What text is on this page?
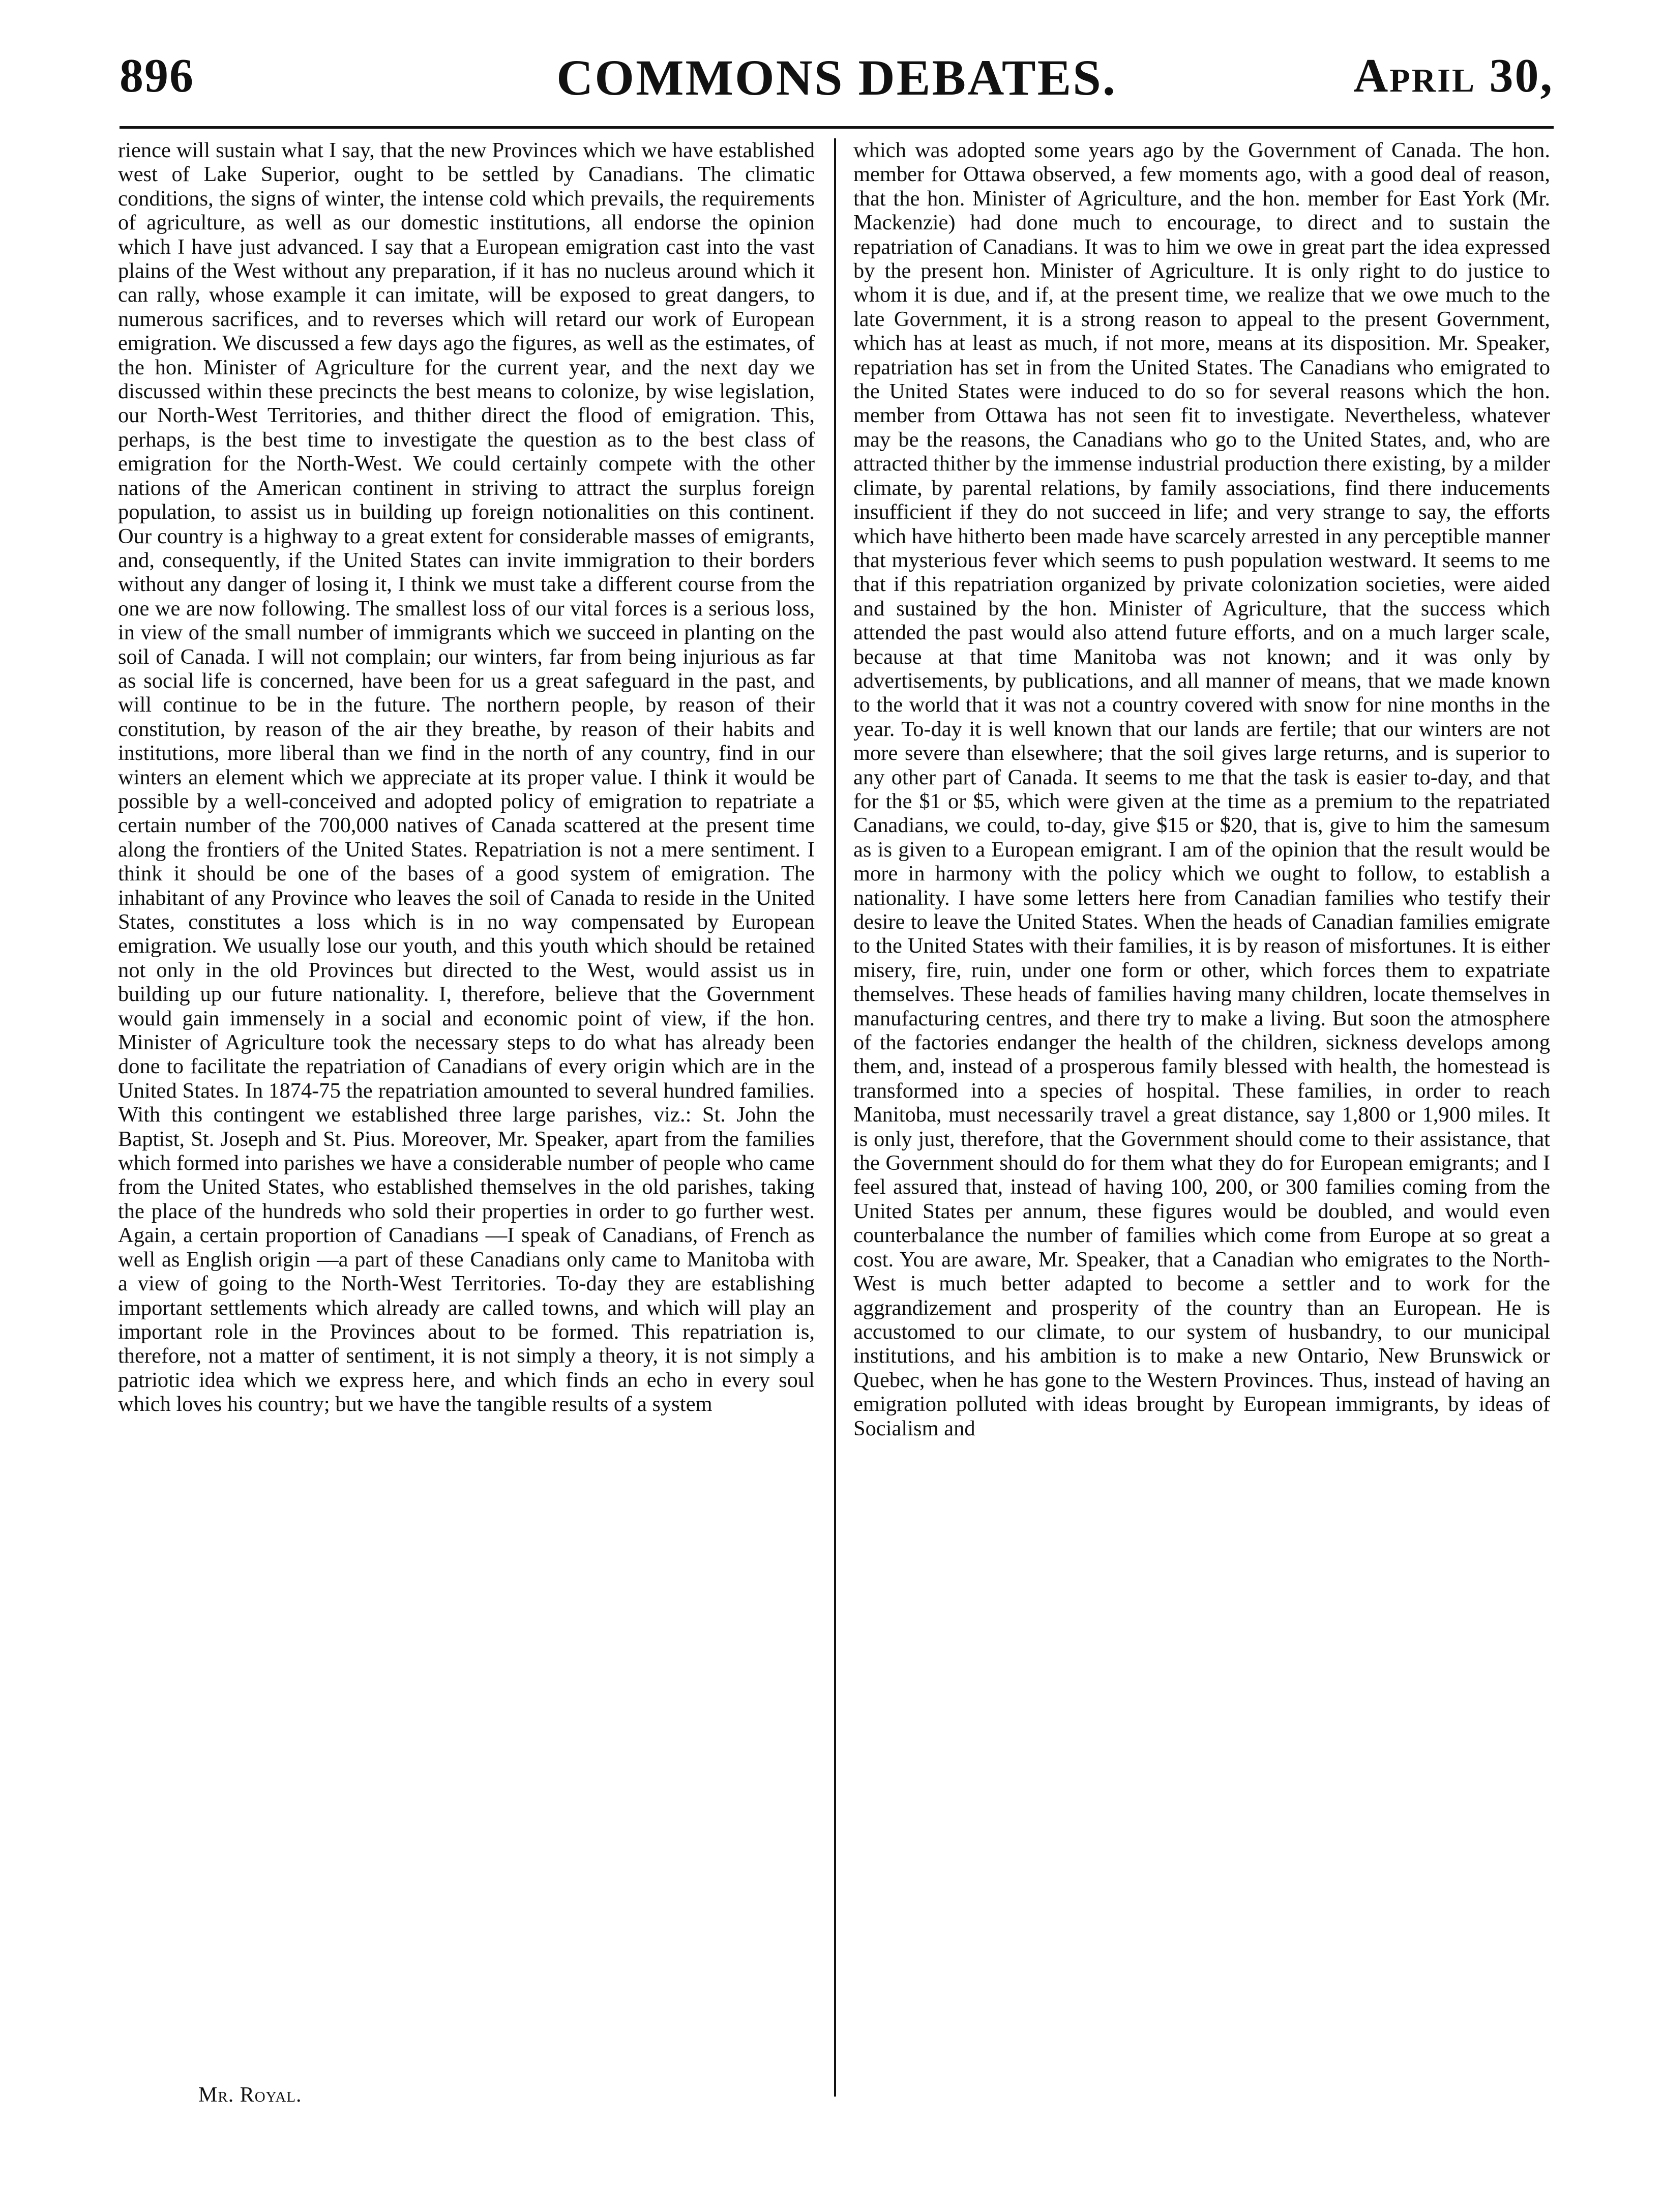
896	COMMONS DEBATES.	April 30,

rience will sustain what I say, that the new Provinces which we have established west of Lake Superior, ought to be settled by Canadians. The climatic conditions, the signs of winter, the intense cold which prevails, the requirements of agriculture, as well as our domestic institutions, all endorse the opinion which I have just advanced. I say that a European emigration cast into the vast plains of the West without any preparation, if it has no nucleus around which it can rally, whose example it can imitate, will be exposed to great dangers, to numerous sacrifices, and to reverses which will retard our work of European emigration. We discussed a few days ago the figures, as well as the estimates, of the hon. Minister of Agriculture for the current year, and the next day we discussed within these precincts the best means to colonize, by wise legislation, our North-West Territories, and thither direct the flood of emigration. This, perhaps, is the best time to investigate the question as to the best class of emigration for the North-West. We could certainly compete with the other nations of the American continent in striving to attract the surplus foreign population, to assist us in building up foreign notionalities on this continent. Our country is a highway to a great extent for considerable masses of emigrants, and, consequently, if the United States can invite immigration to their borders without any danger of losing it, I think we must take a different course from the one we are now following. The smallest loss of our vital forces is a serious loss, in view of the small number of immigrants which we succeed in planting on the soil of Canada. I will not complain; our winters, far from being injurious as far as social life is concerned, have been for us a great safeguard in the past, and will continue to be in the future. The northern people, by reason of their constitution, by reason of the air they breathe, by reason of their habits and institutions, more liberal than we find in the north of any country, find in our winters an element which we appreciate at its proper value. I think it would be possible by a well-conceived and adopted policy of emigration to repatriate a certain number of the 700,000 natives of Canada scattered at the present time along the frontiers of the United States. Repatriation is not a mere sentiment. I think it should be one of the bases of a good system of emigration. The inhabitant of any Province who leaves the soil of Canada to reside in the United States, constitutes a loss which is in no way compensated by European emigration. We usually lose our youth, and this youth which should be retained not only in the old Provinces but directed to the West, would assist us in building up our future nationality. I, therefore, believe that the Government would gain immensely in a social and economic point of view, if the hon. Minister of Agriculture took the necessary steps to do what has already been done to facilitate the repatriation of Canadians of every origin which are in the United States. In 1874-75 the repatriation amounted to several hundred families. With this contingent we established three large parishes, viz.: St. John the Baptist, St. Joseph and St. Pius. Moreover, Mr. Speaker, apart from the families which formed into parishes we have a considerable number of people who came from the United States, who established themselves in the old parishes, taking the place of the hundreds who sold their properties in order to go further west. Again, a certain proportion of Canadians —I speak of Canadians, of French as well as English origin —a part of these Canadians only came to Manitoba with a view of going to the North-West Territories. To-day they are establishing important settlements which already are called towns, and which will play an important role in the Provinces about to be formed. This repatriation is, therefore, not a matter of sentiment, it is not simply a theory, it is not simply a patriotic idea which we express here, and which finds an echo in every soul which loves his country; but we have the tangible results of a system

which was adopted some years ago by the Government of Canada. The hon. member for Ottawa observed, a few moments ago, with a good deal of reason, that the hon. Minister of Agriculture, and the hon. member for East York (Mr. Mackenzie) had done much to encourage, to direct and to sustain the repatriation of Canadians. It was to him we owe in great part the idea expressed by the present hon. Minister of Agriculture. It is only right to do justice to whom it is due, and if, at the present time, we realize that we owe much to the late Government, it is a strong reason to appeal to the present Government, which has at least as much, if not more, means at its disposition. Mr. Speaker, repatriation has set in from the United States. The Canadians who emigrated to the United States were induced to do so for several reasons which the hon. member from Ottawa has not seen fit to investigate. Nevertheless, whatever may be the reasons, the Canadians who go to the United States, and, who are attracted thither by the immense industrial production there existing, by a milder climate, by parental relations, by family associations, find there inducements insufficient if they do not succeed in life; and very strange to say, the efforts which have hitherto been made have scarcely arrested in any perceptible manner that mysterious fever which seems to push population westward. It seems to me that if this repatriation organized by private colonization societies, were aided and sustained by the hon. Minister of Agriculture, that the success which attended the past would also attend future efforts, and on a much larger scale, because at that time Manitoba was not known; and it was only by advertisements, by publications, and all manner of means, that we made known to the world that it was not a country covered with snow for nine months in the year. To-day it is well known that our lands are fertile; that our winters are not more severe than elsewhere; that the soil gives large returns, and is superior to any other part of Canada. It seems to me that the task is easier to-day, and that for the $1 or $5, which were given at the time as a premium to the repatriated Canadians, we could, to-day, give $15 or $20, that is, give to him the samesum as is given to a European emigrant. I am of the opinion that the result would be more in harmony with the policy which we ought to follow, to establish a nationality. I have some letters here from Canadian families who testify their desire to leave the United States. When the heads of Canadian families emigrate to the United States with their families, it is by reason of misfortunes. It is either misery, fire, ruin, under one form or other, which forces them to expatriate themselves. These heads of families having many children, locate themselves in manufacturing centres, and there try to make a living. But soon the atmosphere of the factories endanger the health of the children, sickness develops among them, and, instead of a prosperous family blessed with health, the homestead is transformed into a species of hospital. These families, in order to reach Manitoba, must necessarily travel a great distance, say 1,800 or 1,900 miles. It is only just, therefore, that the Government should come to their assistance, that the Government should do for them what they do for European emigrants; and I feel assured that, instead of having 100, 200, or 300 families coming from the United States per annum, these figures would be doubled, and would even counterbalance the number of families which come from Europe at so great a cost. You are aware, Mr. Speaker, that a Canadian who emigrates to the North-West is much better adapted to become a settler and to work for the aggrandizement and prosperity of the country than an European. He is accustomed to our climate, to our system of husbandry, to our municipal institutions, and his ambition is to make a new Ontario, New Brunswick or Quebec, when he has gone to the Western Provinces. Thus, instead of having an emigration polluted with ideas brought by European immigrants, by ideas of Socialism and

Mr. Royal.
